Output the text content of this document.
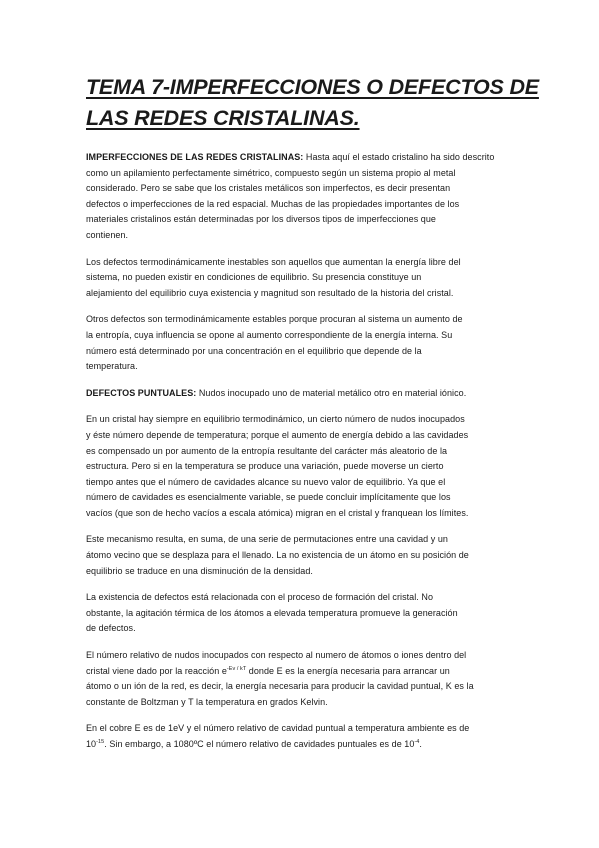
TEMA 7-IMPERFECCIONES O DEFECTOS DE
LAS REDES CRISTALINAS.

IMPERFECCIONES DE LAS REDES CRISTALINAS: Hasta aquí el estado cristalino ha sido descrito
como un apilamiento perfectamente simétrico, compuesto según un sistema propio al metal
considerado. Pero se sabe que los cristales metálicos son imperfectos, es decir presentan
defectos o imperfecciones de la red espacial. Muchas de las propiedades importantes de los
materiales cristalinos están determinadas por los diversos tipos de imperfecciones que
contienen.

Los defectos termodinámicamente inestables son aquellos que aumentan la energía libre del
sistema, no pueden existir en condiciones de equilibrio. Su presencia constituye un
alejamiento del equilibrio cuya existencia y magnitud son resultado de la historia del cristal.

Otros defectos son termodinámicamente estables porque procuran al sistema un aumento de
la entropía, cuya influencia se opone al aumento correspondiente de la energía interna. Su
número está determinado por una concentración en el equilibrio que depende de la
temperatura.

DEFECTOS PUNTUALES: Nudos inocupado uno de material metálico otro en material iónico.

En un cristal hay siempre en equilibrio termodinámico, un cierto número de nudos inocupados
y éste número depende de temperatura; porque el aumento de energía debido a las cavidades
es compensado un por aumento de la entropía resultante del carácter más aleatorio de la
estructura. Pero si en la temperatura se produce una variación, puede moverse un cierto
tiempo antes que el número de cavidades alcance su nuevo valor de equilibrio. Ya que el
número de cavidades es esencialmente variable, se puede concluir implícitamente que los
vacíos (que son de hecho vacíos a escala atómica) migran en el cristal y franquean los límites.

Este mecanismo resulta, en suma, de una serie de permutaciones entre una cavidad y un
átomo vecino que se desplaza para el llenado. La no existencia de un átomo en su posición de
equilibrio se traduce en una disminución de la densidad.

La existencia de defectos está relacionada con el proceso de formación del cristal. No
obstante, la agitación térmica de los átomos a elevada temperatura promueve la generación
de defectos.

El número relativo de nudos inocupados con respecto al numero de átomos o iones dentro del
cristal viene dado por la reacción $e^{-Ev / kT}$ donde E es la energía necesaria para arrancar un
átomo o un ión de la red, es decir, la energía necesaria para producir la cavidad puntual, K es la
constante de Boltzman y T la temperatura en grados Kelvin.

En el cobre E es de 1eV y el número relativo de cavidad puntual a temperatura ambiente es de
$10^{-15}$. Sin embargo, a 1080ºC el número relativo de cavidades puntuales es de $10^{-4}$.
